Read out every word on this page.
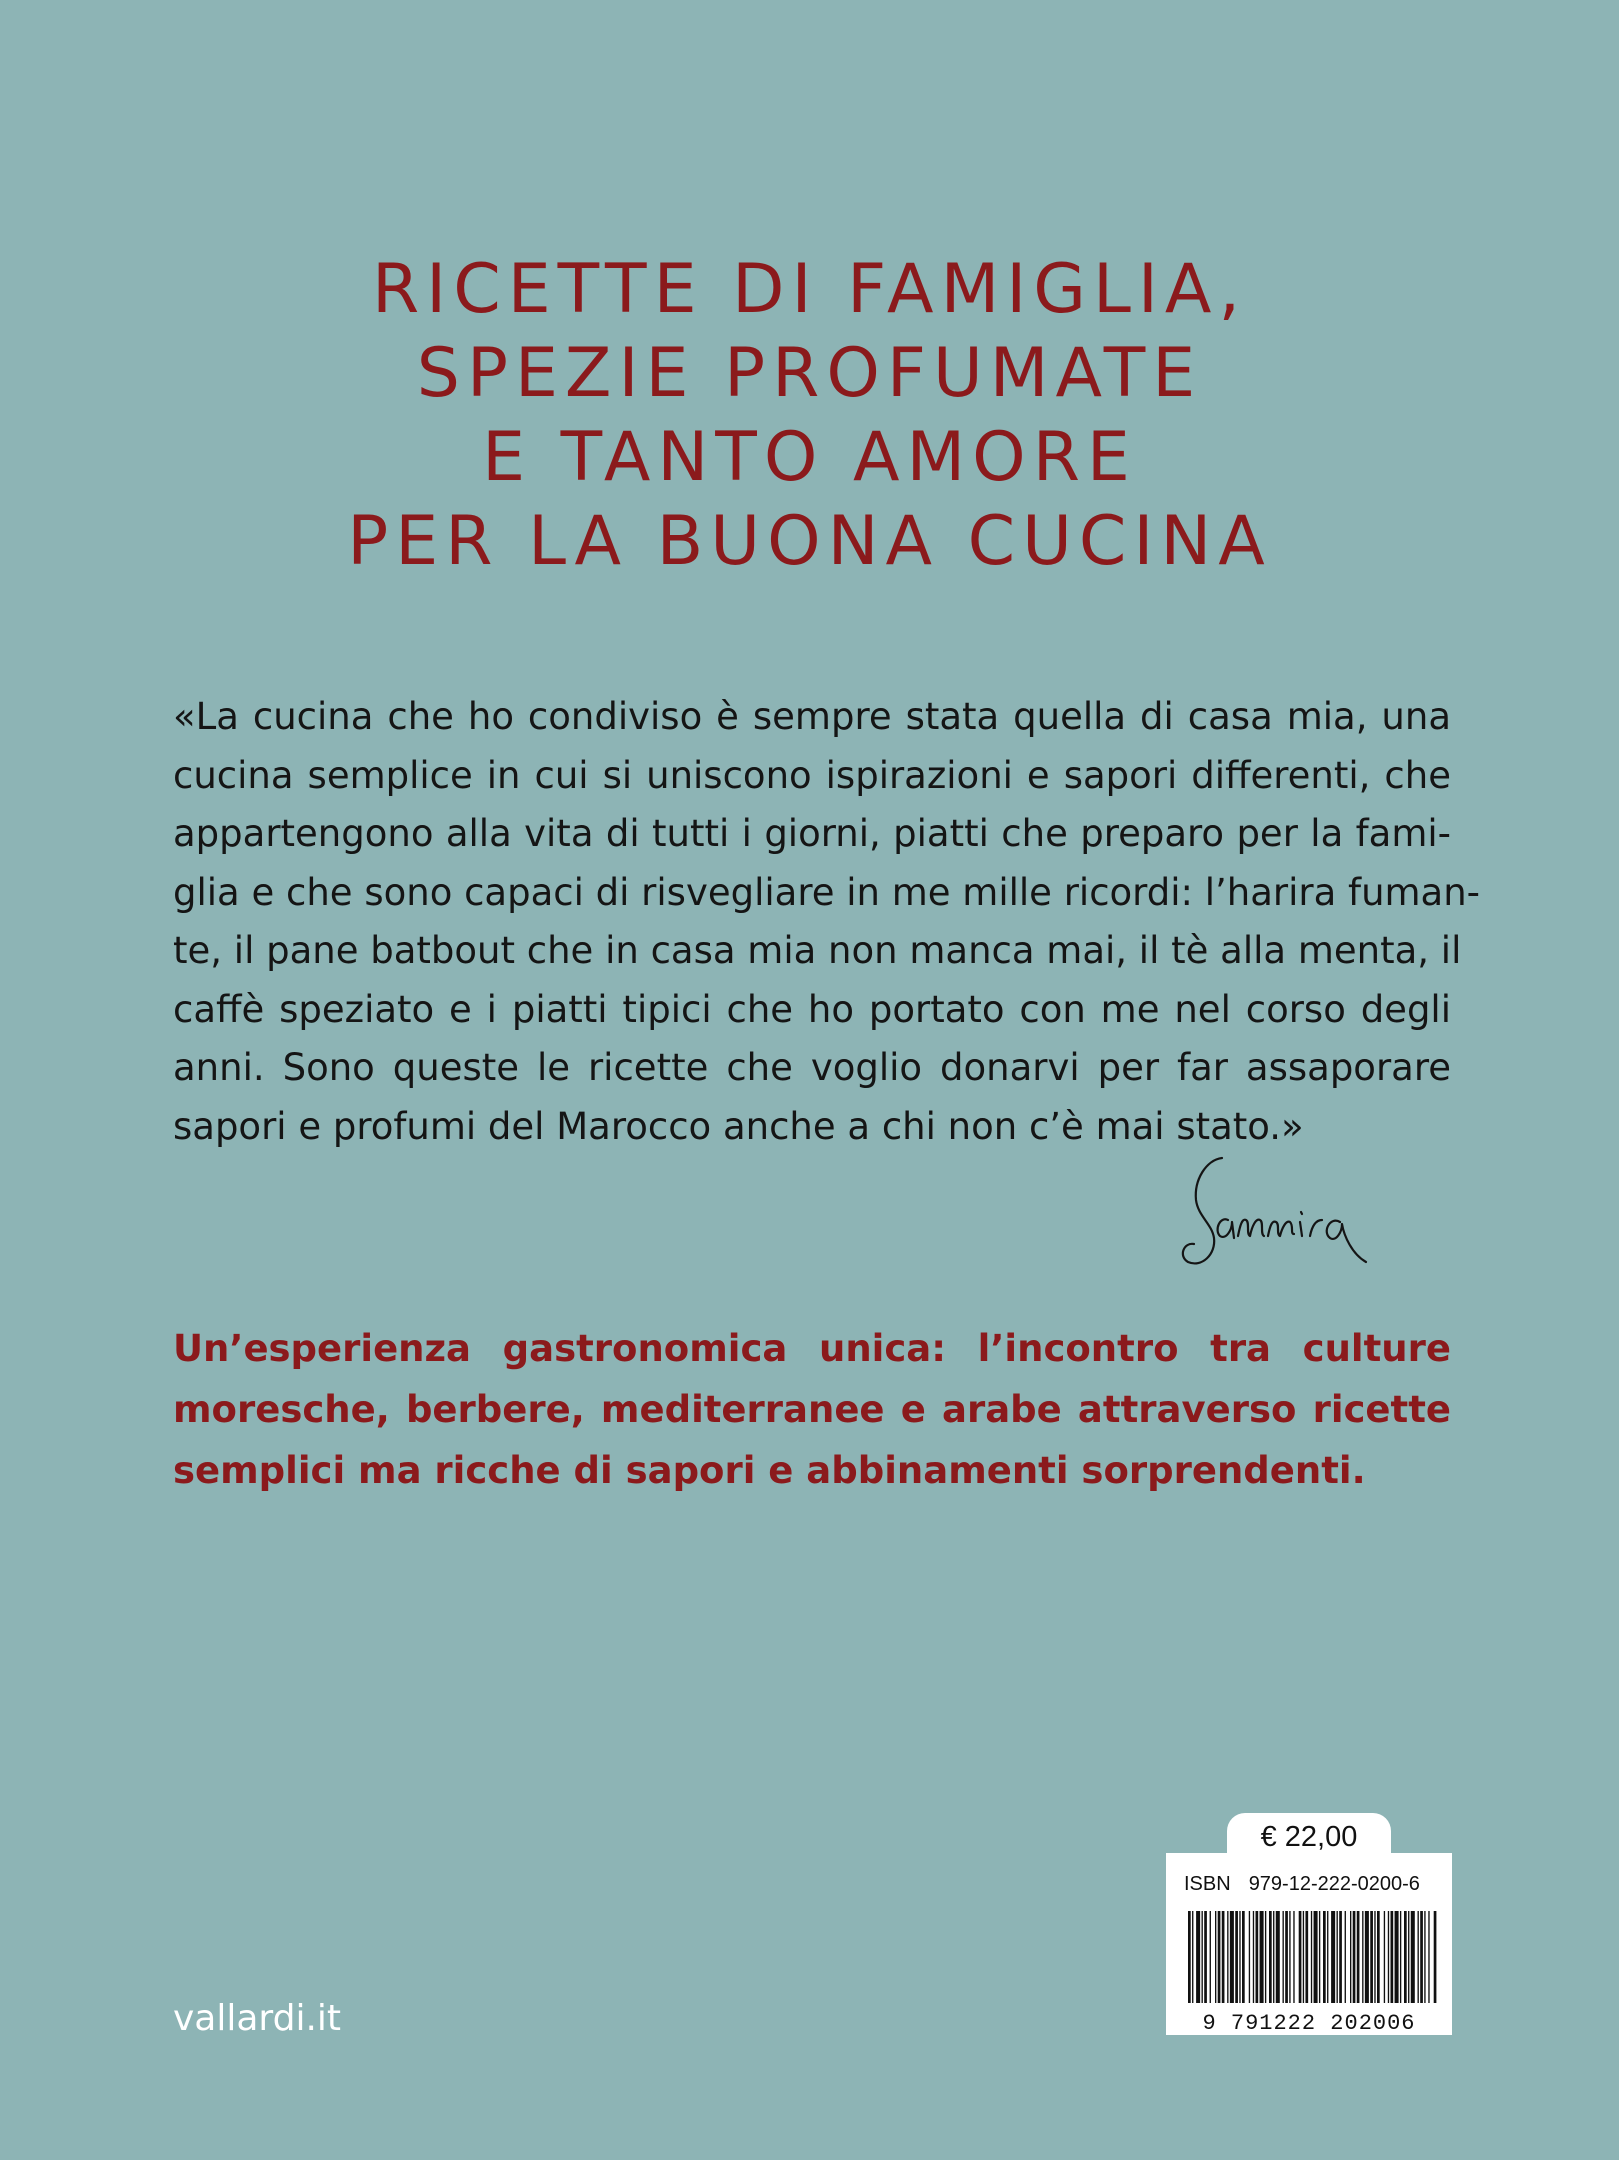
RICETTE DI FAMIGLIA,
SPEZIE PROFUMATE
E TANTO AMORE
PER LA BUONA CUCINA
«La cucina che ho condiviso è sempre stata quella di casa mia, una
cucina semplice in cui si uniscono ispirazioni e sapori differenti, che
appartengono alla vita di tutti i giorni, piatti che preparo per la fami-
glia e che sono capaci di risvegliare in me mille ricordi: l’harira fuman-
te, il pane batbout che in casa mia non manca mai, il tè alla menta, il
caffè speziato e i piatti tipici che ho portato con me nel corso degli
anni. Sono queste le ricette che voglio donarvi per far assaporare
sapori e profumi del Marocco anche a chi non c’è mai stato.»
Un’esperienza gastronomica unica: l’incontro tra culture
moresche, berbere, mediterranee e arabe attraverso ricette
semplici ma ricche di sapori e abbinamenti sorprendenti.
vallardi.it
€ 22,00
ISBN 979-12-222-0200-6
9 791222 202006
